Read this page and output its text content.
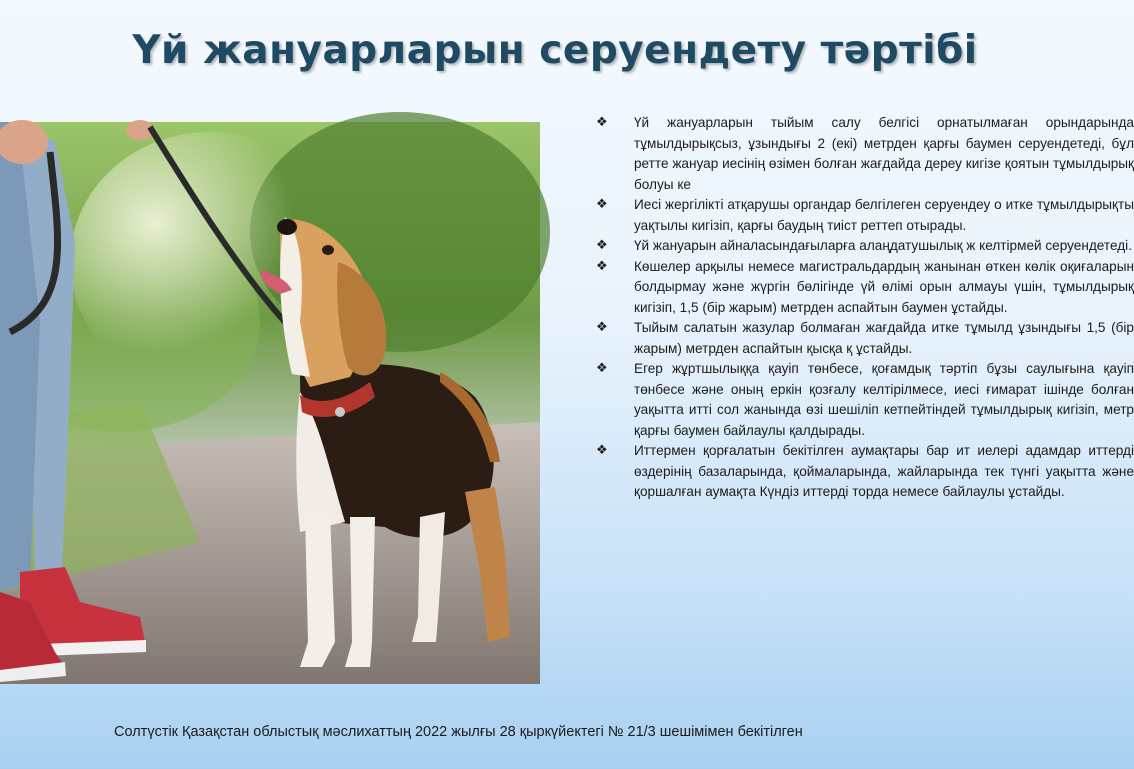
Үй жануарларын серуендету тәртібі
❖ Үй жануарларын тыйым салу белгісі орнатылмаған орындарында тұмылдырықсыз, ұзындығы 2 (екі) метрден қарғы баумен серуендетеді, бұл ретте жануар иесінің өзімен болған жағдайда дереу кигізе қоятын тұмылдырық болуы ке
❖ Иесі жергілікті атқарушы органдар белгілеген серуендеу о итке тұмылдырықты уақтылы кигізіп, қарғы баудың тиіст реттеп отырады.
❖ Үй жануарын айналасындағыларға алаңдатушылық ж келтірмей серуендетеді.
❖ Көшелер арқылы немесе магистральдардың жанынан өткен көлік оқиғаларын болдырмау және жүргін бөлігінде үй өлімі орын алмауы үшін, тұмылдырық кигізіп, 1,5 (бір жарым) метрден аспайтын баумен ұстайды.
❖ Тыйым салатын жазулар болмаған жағдайда итке тұмылд ұзындығы 1,5 (бір жарым) метрден аспайтын қысқа қ ұстайды.
❖ Егер жұртшылыққа қауіп төнбесе, қоғамдық тәртіп бұзы саулығына қауіп төнбесе және оның еркін қозғалу келтірілмесе, иесі ғимарат ішінде болған уақытта итті сол жанында өзі шешіліп кетпейтіндей тұмылдырық кигізіп, метр қарғы баумен байлаулы қалдырады.
❖ Иттермен қорғалатын бекітілген аумақтары бар ит иелері адамдар иттерді өздерінің базаларында, қоймаларында, жайларында тек түнгі уақытта және қоршалған аумақта Күндіз иттерді торда немесе байлаулы ұстайды.
Солтүстік Қазақстан облыстық мәслихаттың 2022 жылғы 28 қыркүйектегі № 21/3 шешімімен бекітілген
